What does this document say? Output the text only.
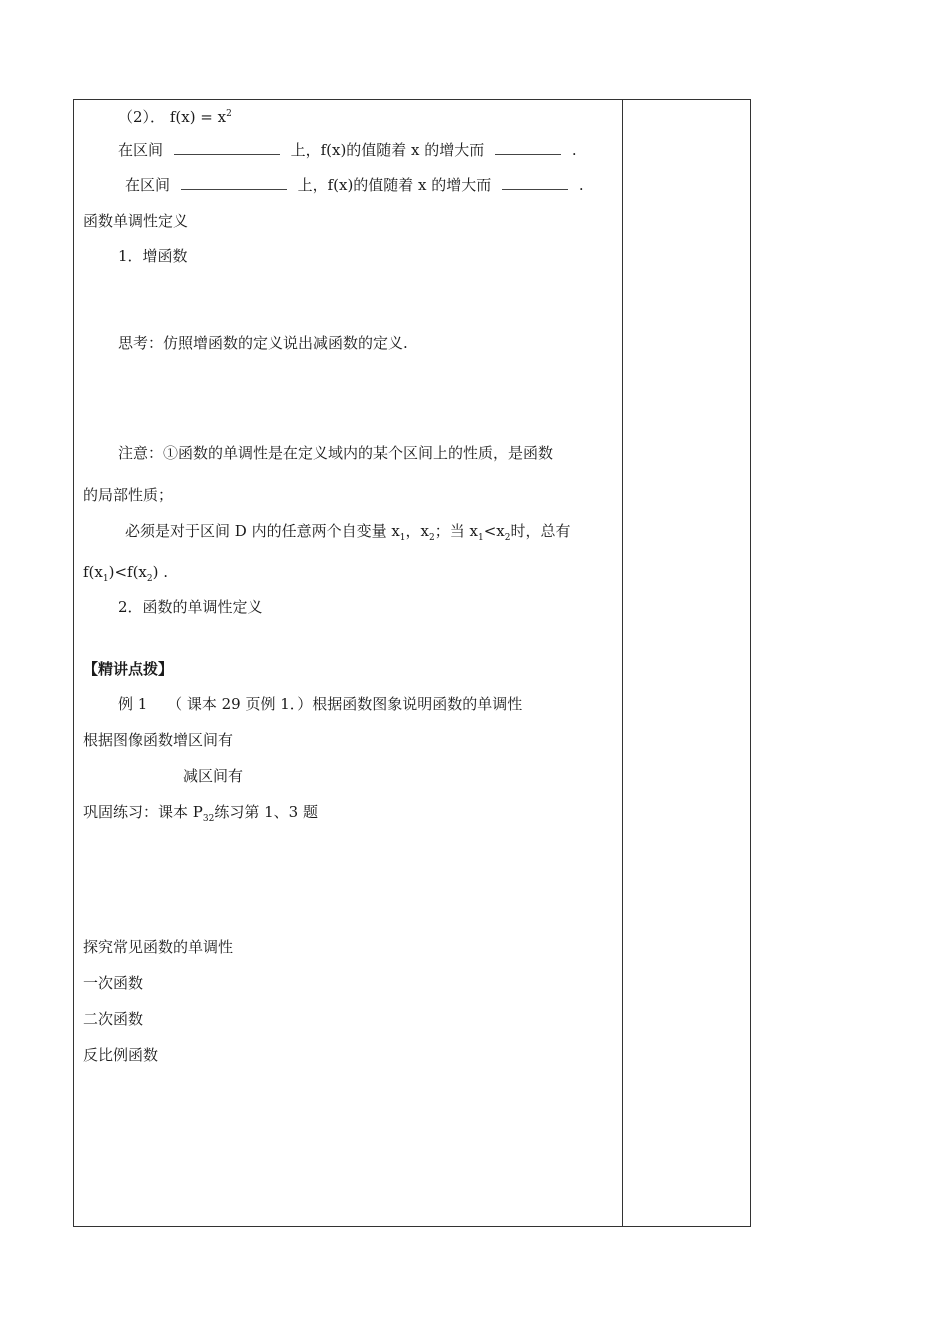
（2）． $f(x) = x^2$
在区间	上，f(x)的值随着 x 的增大而	.
在区间	上，f(x)的值随着 x 的增大而	.
函数单调性定义
1．增函数
思考：仿照增函数的定义说出减函数的定义.
注意：①函数的单调性是在定义域内的某个区间上的性质，是函数
的局部性质；
必须是对于区间 D 内的任意两个自变量 $x_1$，$x_2$；当 $x_1<x_2$时，总有
$f(x_1)<f(x_2)$ .
2．函数的单调性定义
【精讲点拨】
例 1　 （ 课本 29 页例 1．）根据函数图象说明函数的单调性
根据图像函数增区间有
减区间有
巩固练习：课本 $P_{32}$练习第 1、3 题
探究常见函数的单调性
一次函数
二次函数
反比例函数
